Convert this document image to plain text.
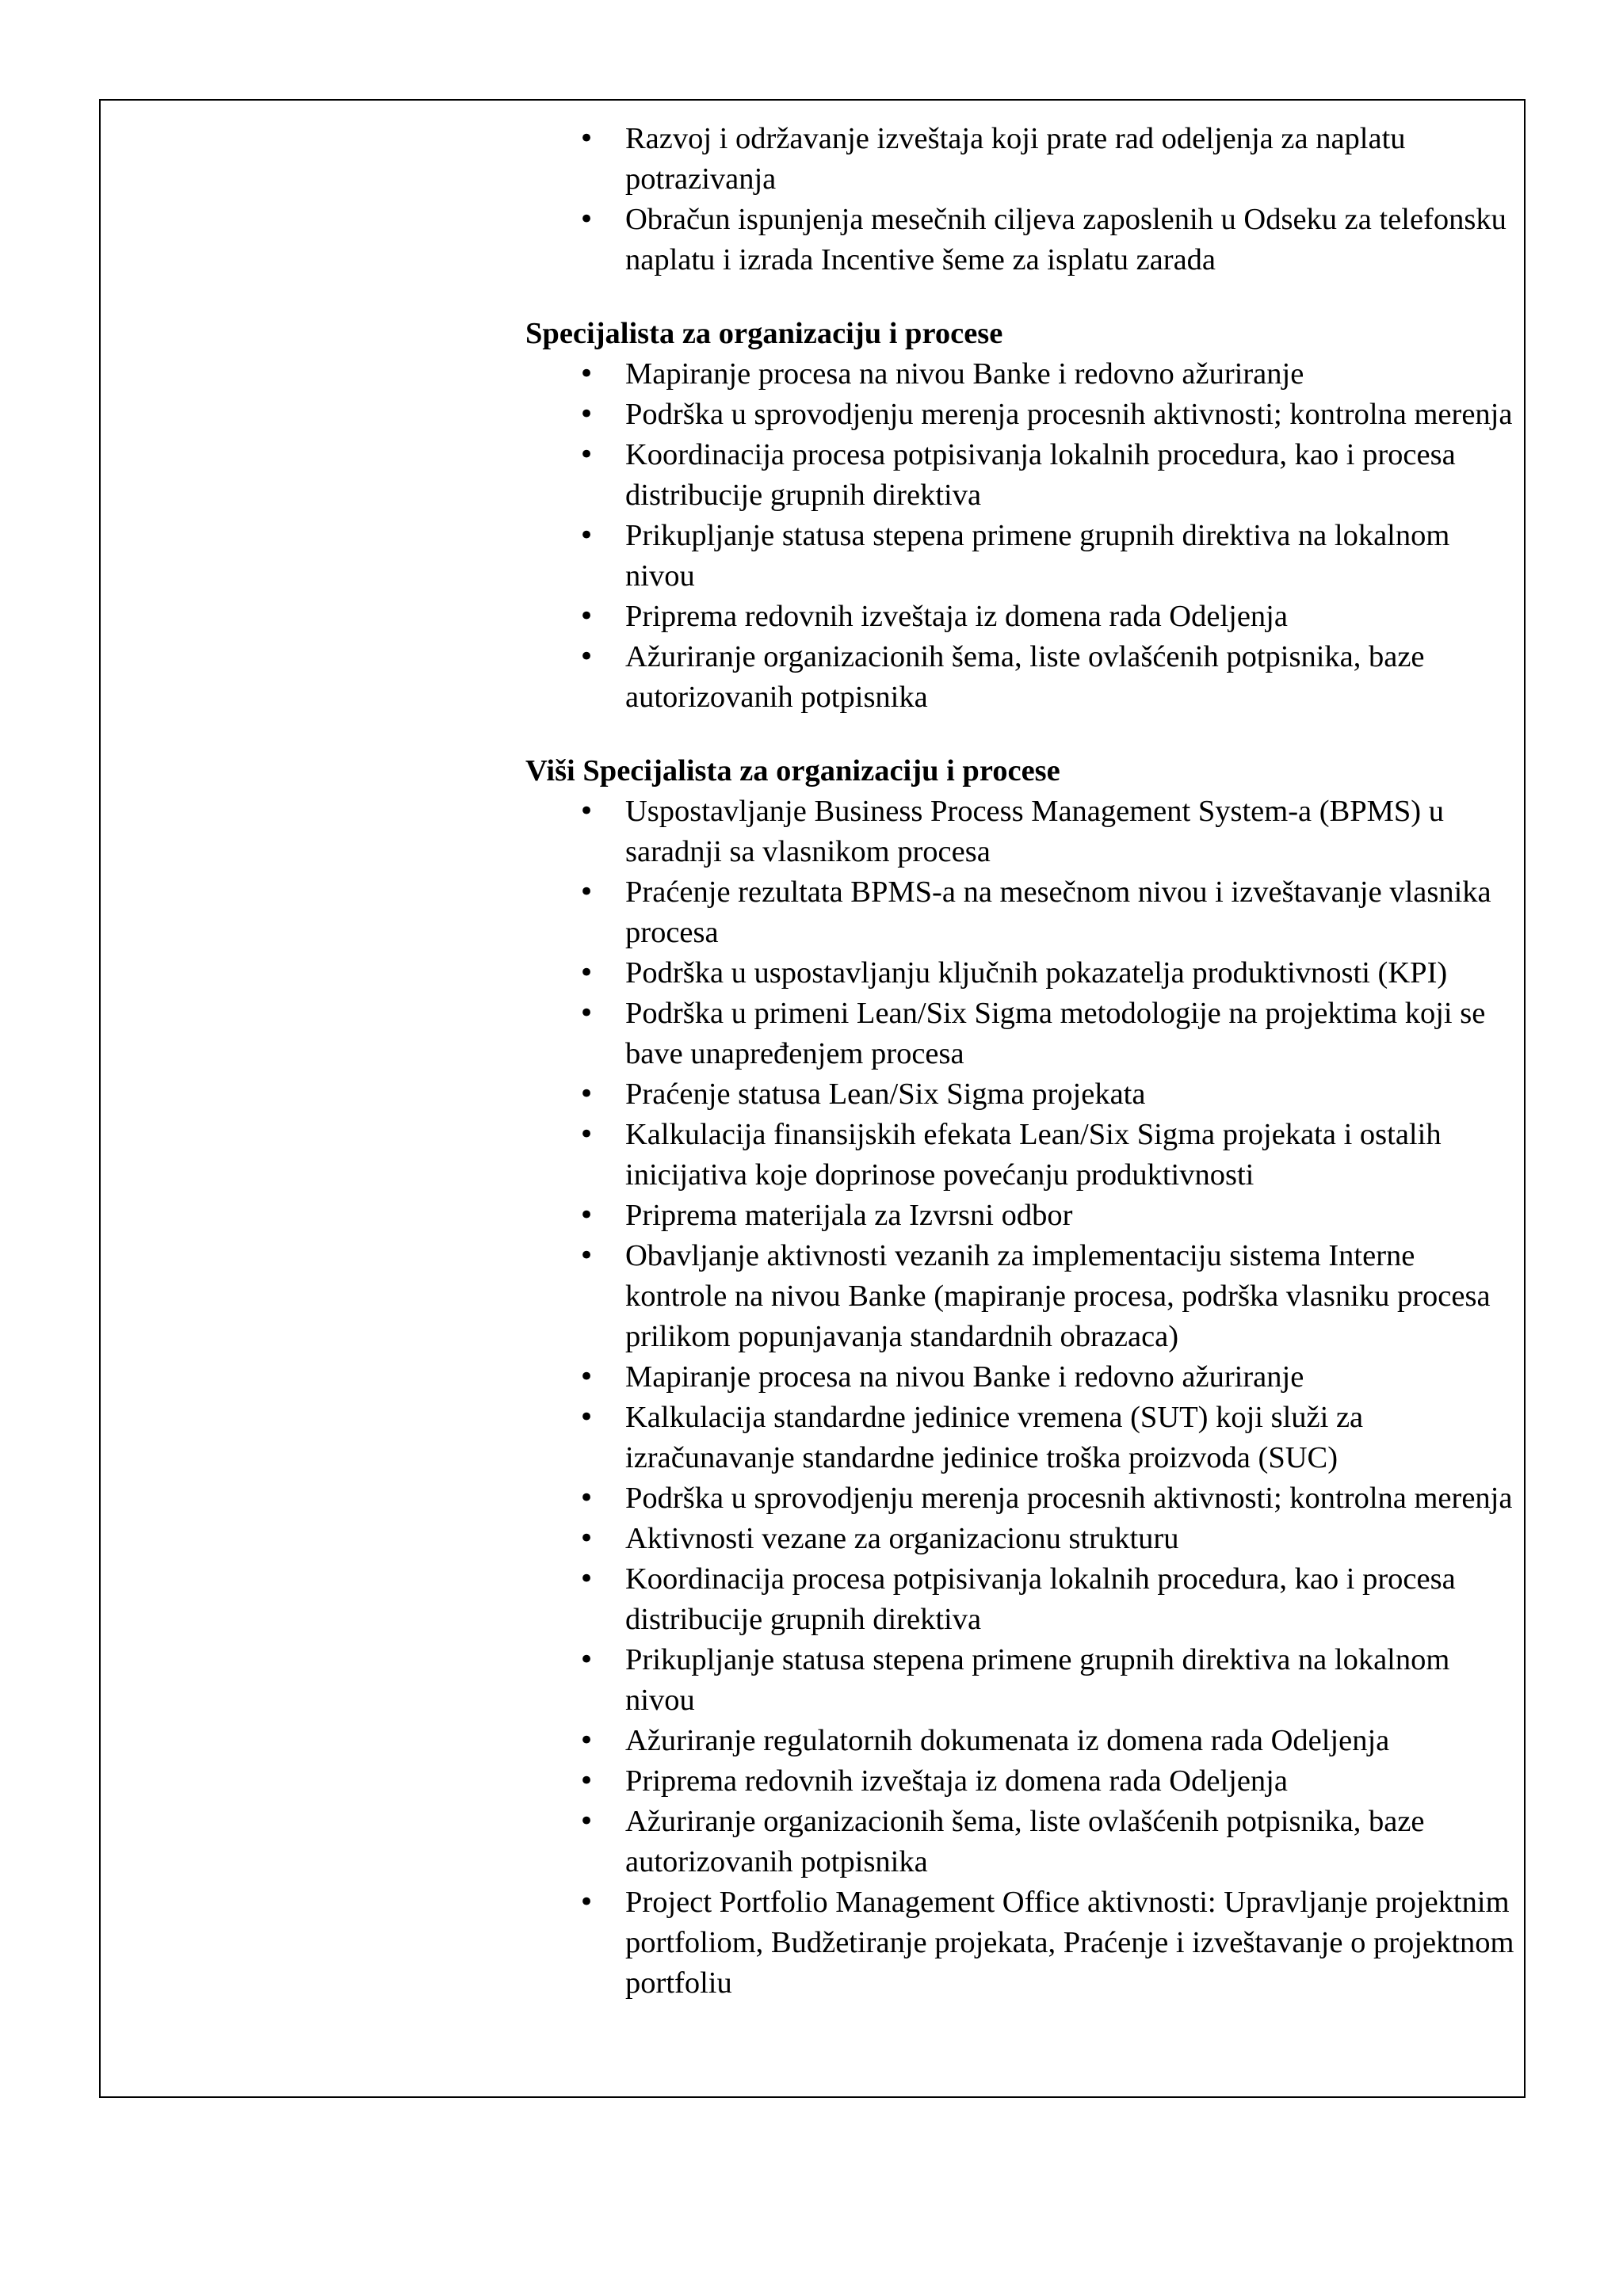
• Razvoj i održavanje izveštaja koji prate rad odeljenja za naplatu potrazivanja
• Obračun ispunjenja mesečnih ciljeva zaposlenih u Odseku za telefonsku naplatu i izrada Incentive šeme za isplatu zarada

Specijalista za organizaciju i procese

• Mapiranje procesa na nivou Banke i redovno ažuriranje
• Podrška u sprovodjenju merenja procesnih aktivnosti; kontrolna merenja
• Koordinacija procesa potpisivanja lokalnih procedura, kao i procesa distribucije grupnih direktiva
• Prikupljanje statusa stepena primene grupnih direktiva na lokalnom nivou
• Priprema redovnih izveštaja iz domena rada Odeljenja
• Ažuriranje organizacionih šema, liste ovlašćenih potpisnika, baze autorizovanih potpisnika

Viši Specijalista za organizaciju i procese

• Uspostavljanje Business Process Management System-a (BPMS) u saradnji sa vlasnikom procesa
• Praćenje rezultata BPMS-a na mesečnom nivou i izveštavanje vlasnika procesa
• Podrška u uspostavljanju ključnih pokazatelja produktivnosti (KPI)
• Podrška u primeni Lean/Six Sigma metodologije na projektima koji se bave unapređenjem procesa
• Praćenje statusa Lean/Six Sigma projekata
• Kalkulacija finansijskih efekata Lean/Six Sigma projekata i ostalih inicijativa koje doprinose povećanju produktivnosti
• Priprema materijala za Izvrsni odbor
• Obavljanje aktivnosti vezanih za implementaciju sistema Interne kontrole na nivou Banke (mapiranje procesa, podrška vlasniku procesa prilikom popunjavanja standardnih obrazaca)
• Mapiranje procesa na nivou Banke i redovno ažuriranje
• Kalkulacija standardne jedinice vremena (SUT) koji služi za izračunavanje standardne jedinice troška proizvoda (SUC)
• Podrška u sprovodjenju merenja procesnih aktivnosti; kontrolna merenja
• Aktivnosti vezane za organizacionu strukturu
• Koordinacija procesa potpisivanja lokalnih procedura, kao i procesa distribucije grupnih direktiva
• Prikupljanje statusa stepena primene grupnih direktiva na lokalnom nivou
• Ažuriranje regulatornih dokumenata iz domena rada Odeljenja
• Priprema redovnih izveštaja iz domena rada Odeljenja
• Ažuriranje organizacionih šema, liste ovlašćenih potpisnika, baze autorizovanih potpisnika
• Project Portfolio Management Office aktivnosti: Upravljanje projektnim portfoliom, Budžetiranje projekata, Praćenje i izveštavanje o projektnom portfoliu
